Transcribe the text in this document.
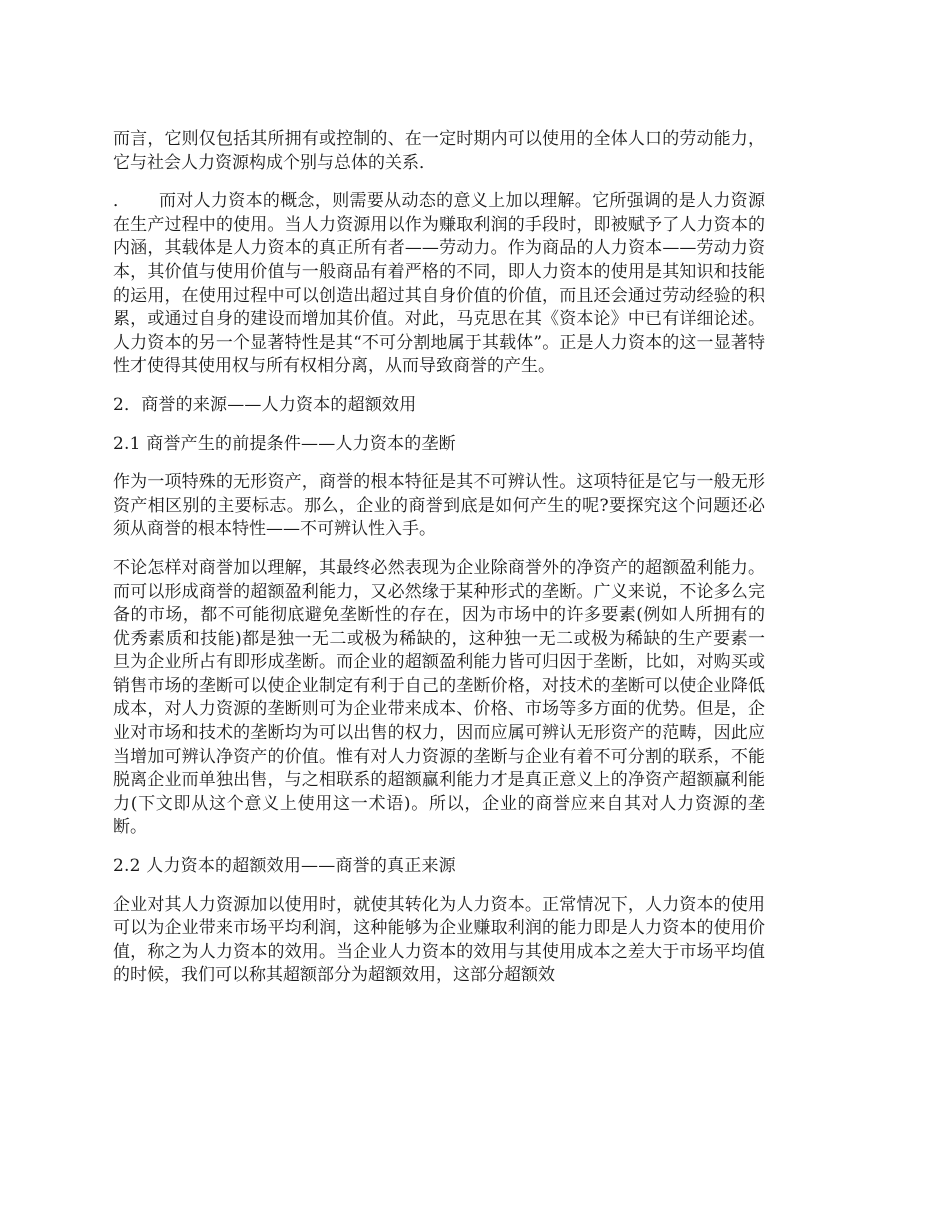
而言，它则仅包括其所拥有或控制的、在一定时期内可以使用的全体人口的劳动能力，它与社会人力资源构成个别与总体的关系．

．     而对人力资本的概念，则需要从动态的意义上加以理解。它所强调的是人力资源在生产过程中的使用。当人力资源用以作为赚取利润的手段时，即被赋予了人力资本的内涵，其载体是人力资本的真正所有者——劳动力。作为商品的人力资本——劳动力资本，其价值与使用价值与一般商品有着严格的不同，即人力资本的使用是其知识和技能的运用，在使用过程中可以创造出超过其自身价值的价值，而且还会通过劳动经验的积累，或通过自身的建设而增加其价值。对此，马克思在其《资本论》中已有详细论述。人力资本的另一个显著特性是其“不可分割地属于其载体”。正是人力资本的这一显著特性才使得其使用权与所有权相分离，从而导致商誉的产生。

2．商誉的来源——人力资本的超额效用

2.1 商誉产生的前提条件——人力资本的垄断

作为一项特殊的无形资产，商誉的根本特征是其不可辨认性。这项特征是它与一般无形资产相区别的主要标志。那么，企业的商誉到底是如何产生的呢?要探究这个问题还必须从商誉的根本特性——不可辨认性入手。

不论怎样对商誉加以理解，其最终必然表现为企业除商誉外的净资产的超额盈利能力。而可以形成商誉的超额盈利能力，又必然缘于某种形式的垄断。广义来说，不论多么完备的市场，都不可能彻底避免垄断性的存在，因为市场中的许多要素(例如人所拥有的优秀素质和技能)都是独一无二或极为稀缺的，这种独一无二或极为稀缺的生产要素一旦为企业所占有即形成垄断。而企业的超额盈利能力皆可归因于垄断，比如，对购买或销售市场的垄断可以使企业制定有利于自己的垄断价格，对技术的垄断可以使企业降低成本，对人力资源的垄断则可为企业带来成本、价格、市场等多方面的优势。但是，企业对市场和技术的垄断均为可以出售的权力，因而应属可辨认无形资产的范畴，因此应当增加可辨认净资产的价值。惟有对人力资源的垄断与企业有着不可分割的联系，不能脱离企业而单独出售，与之相联系的超额赢利能力才是真正意义上的净资产超额赢利能力(下文即从这个意义上使用这一术语)。所以，企业的商誉应来自其对人力资源的垄断。

2.2 人力资本的超额效用——商誉的真正来源

企业对其人力资源加以使用时，就使其转化为人力资本。正常情况下，人力资本的使用可以为企业带来市场平均利润，这种能够为企业赚取利润的能力即是人力资本的使用价值，称之为人力资本的效用。当企业人力资本的效用与其使用成本之差大于市场平均值的时候，我们可以称其超额部分为超额效用，这部分超额效
